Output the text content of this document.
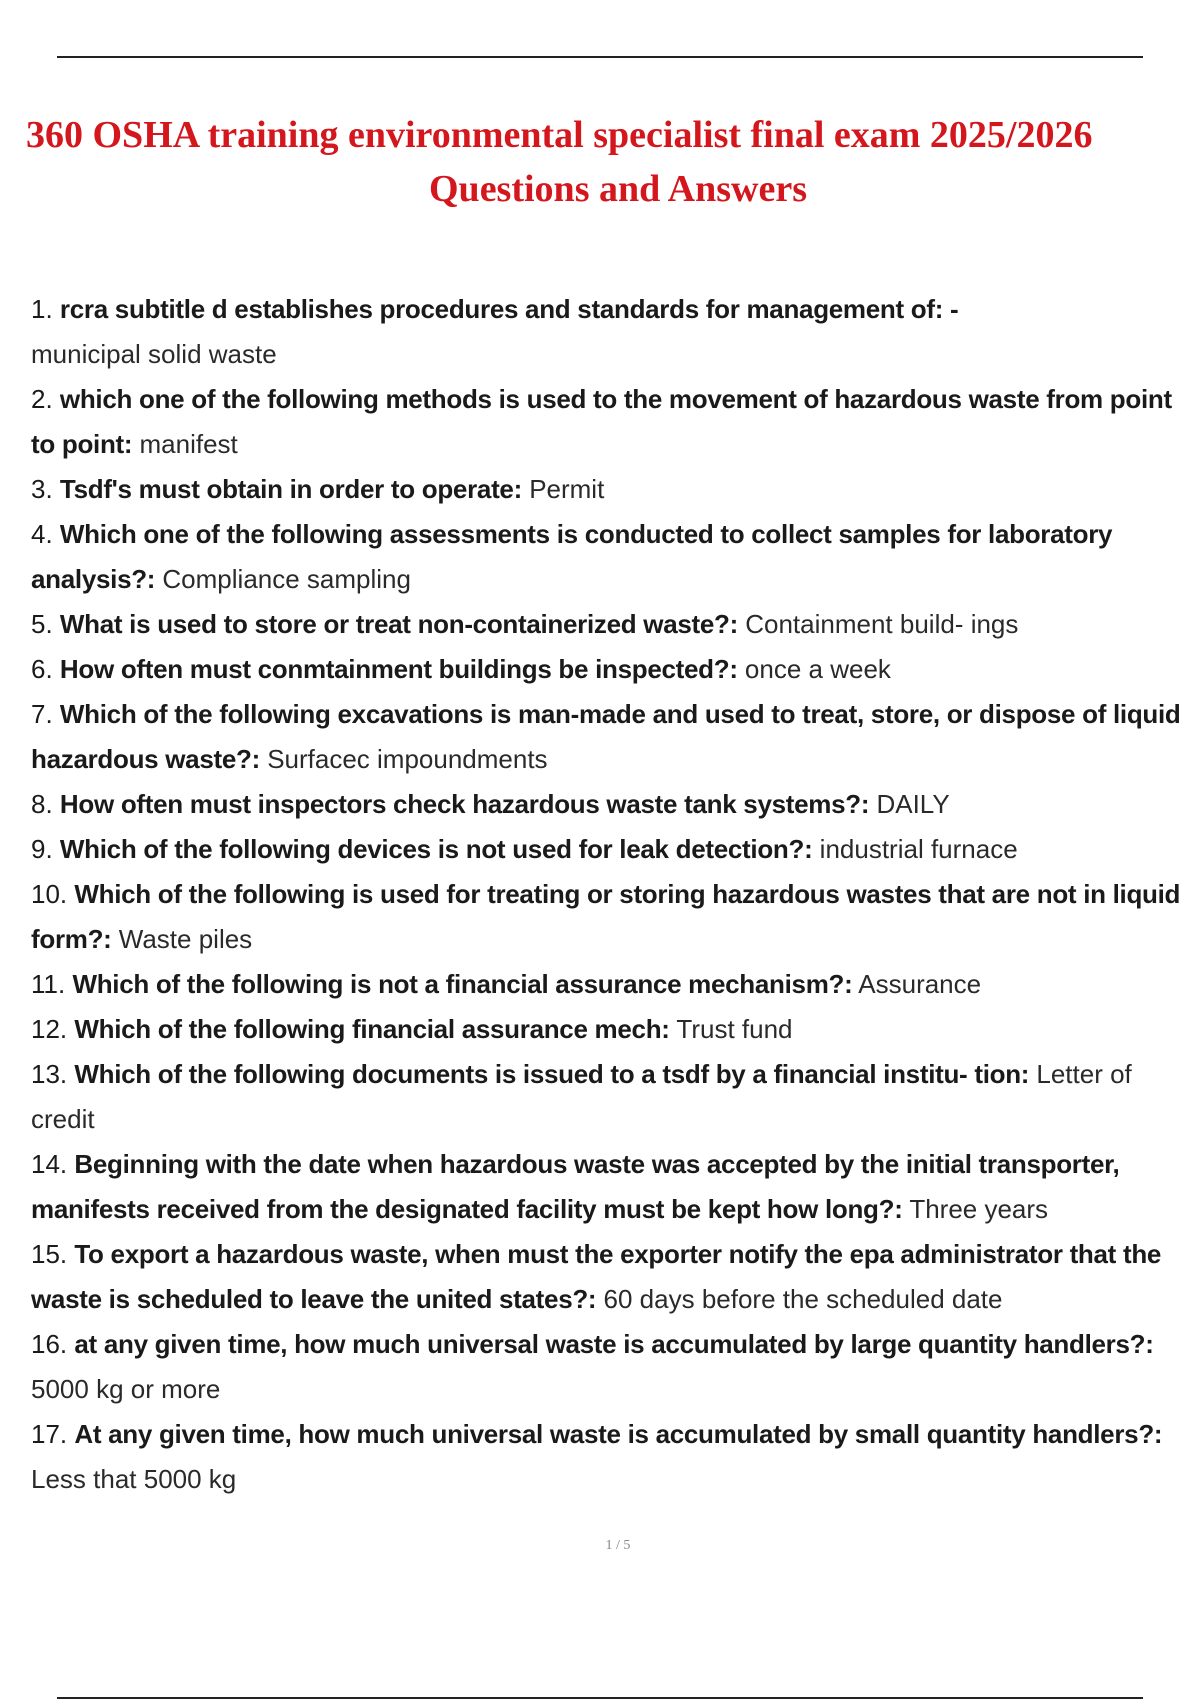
360 OSHA training environmental specialist final exam 2025/2026
Questions and Answers
1. rcra subtitle d establishes procedures and standards for management of: -
municipal solid waste
2. which one of the following methods is used to the movement of hazardous waste from point to point: manifest
3. Tsdf's must obtain in order to operate: Permit
4. Which one of the following assessments is conducted to collect samples for laboratory analysis?: Compliance sampling
5. What is used to store or treat non-containerized waste?: Containment build- ings
6. How often must conmtainment buildings be inspected?: once a week
7. Which of the following excavations is man-made and used to treat, store, or dispose of liquid hazardous waste?: Surfacec impoundments
8. How often must inspectors check hazardous waste tank systems?: DAILY
9. Which of the following devices is not used for leak detection?: industrial furnace
10. Which of the following is used for treating or storing hazardous wastes that are not in liquid form?: Waste piles
11. Which of the following is not a financial assurance mechanism?: Assurance
12. Which of the following financial assurance mech: Trust fund
13. Which of the following documents is issued to a tsdf by a financial institu- tion: Letter of credit
14. Beginning with the date when hazardous waste was accepted by the initial transporter, manifests received from the designated facility must be kept how long?: Three years
15. To export a hazardous waste, when must the exporter notify the epa administrator that the waste is scheduled to leave the united states?: 60 days before the scheduled date
16. at any given time, how much universal waste is accumulated by large quantity handlers?: 5000 kg or more
17. At any given time, how much universal waste is accumulated by small quantity handlers?: Less that 5000 kg
1 / 5
